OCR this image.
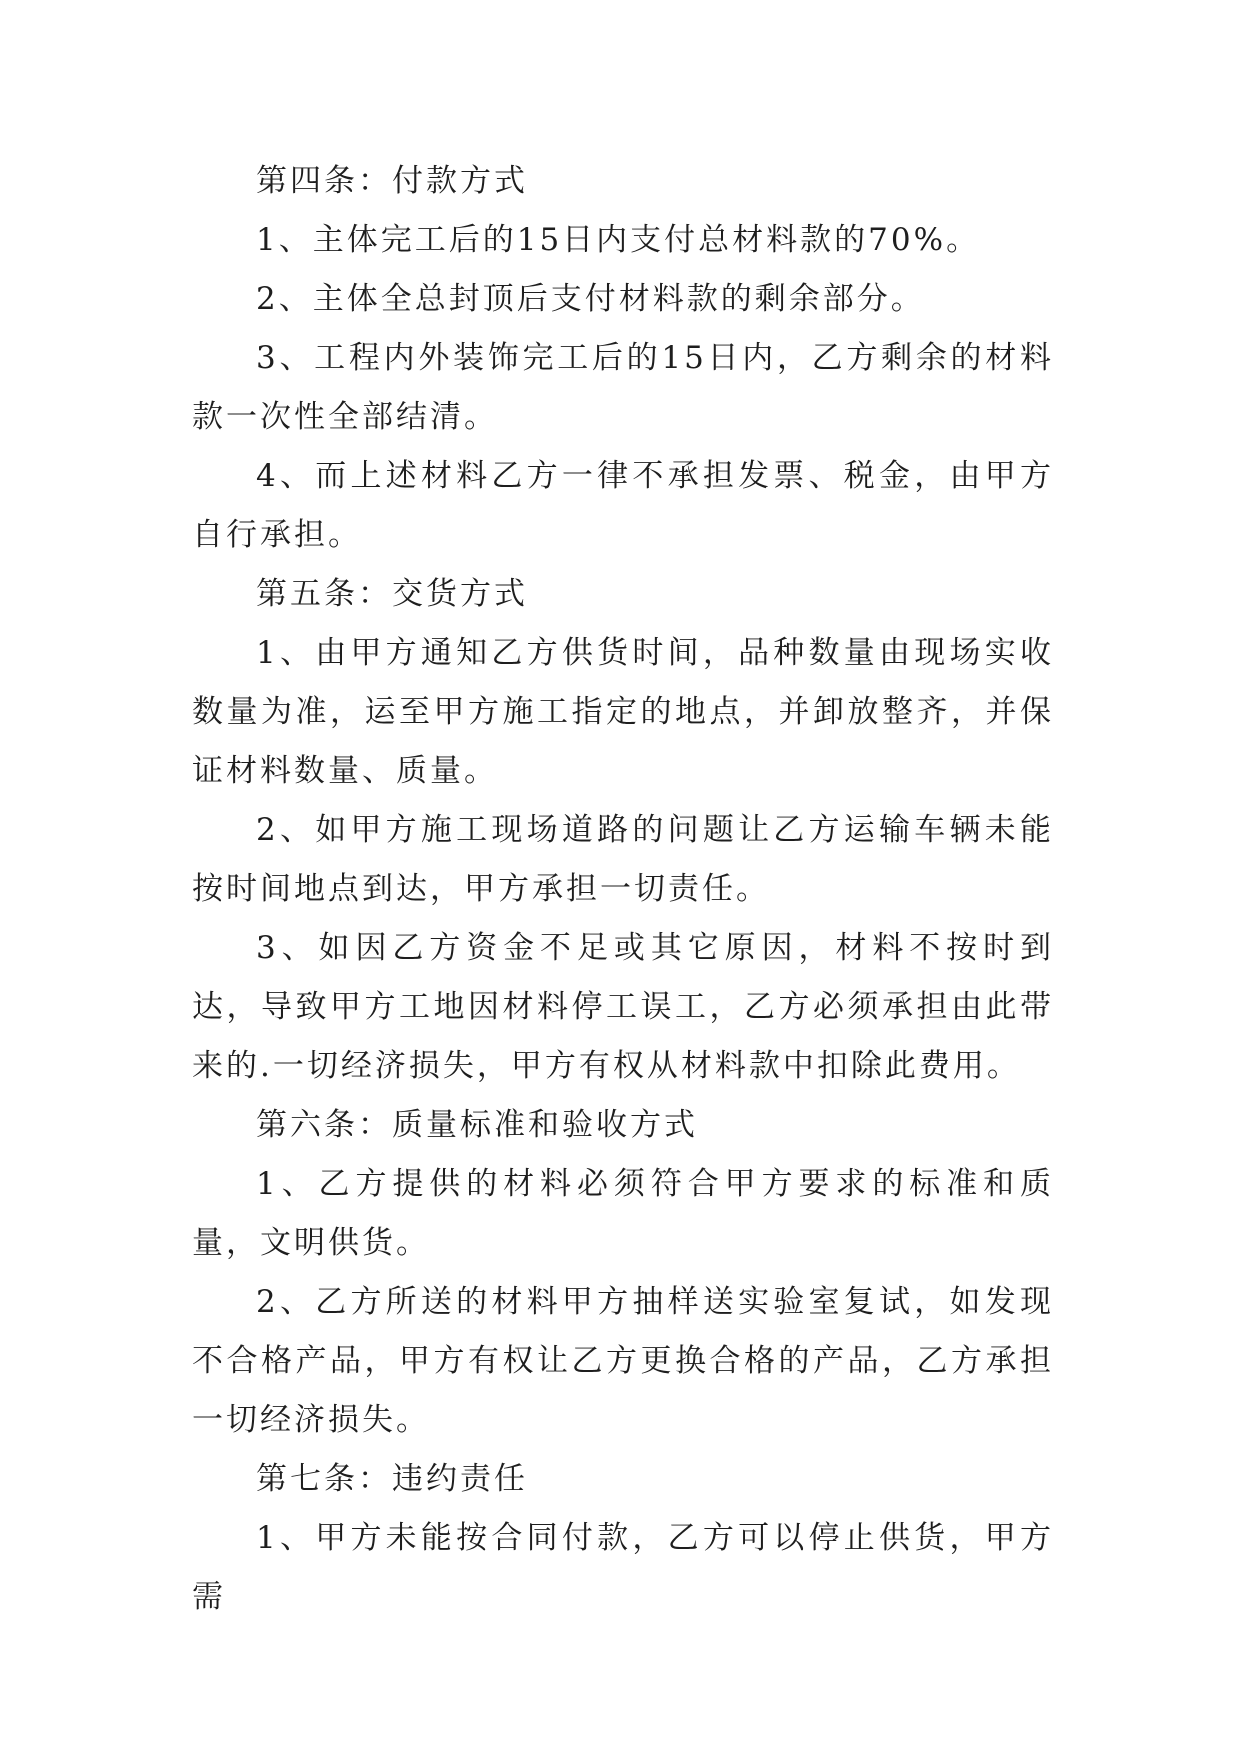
第四条：付款方式

1、主体完工后的15日内支付总材料款的70%。

2、主体全总封顶后支付材料款的剩余部分。

3、工程内外装饰完工后的15日内，乙方剩余的材料款一次性全部结清。

4、而上述材料乙方一律不承担发票、税金，由甲方自行承担。

第五条：交货方式

1、由甲方通知乙方供货时间，品种数量由现场实收数量为准，运至甲方施工指定的地点，并卸放整齐，并保证材料数量、质量。

2、如甲方施工现场道路的问题让乙方运输车辆未能按时间地点到达，甲方承担一切责任。

3、如因乙方资金不足或其它原因，材料不按时到达，导致甲方工地因材料停工误工，乙方必须承担由此带来的.一切经济损失，甲方有权从材料款中扣除此费用。

第六条：质量标准和验收方式

1、乙方提供的材料必须符合甲方要求的标准和质量，文明供货。

2、乙方所送的材料甲方抽样送实验室复试，如发现不合格产品，甲方有权让乙方更换合格的产品，乙方承担一切经济损失。

第七条：违约责任

1、甲方未能按合同付款，乙方可以停止供货，甲方需
